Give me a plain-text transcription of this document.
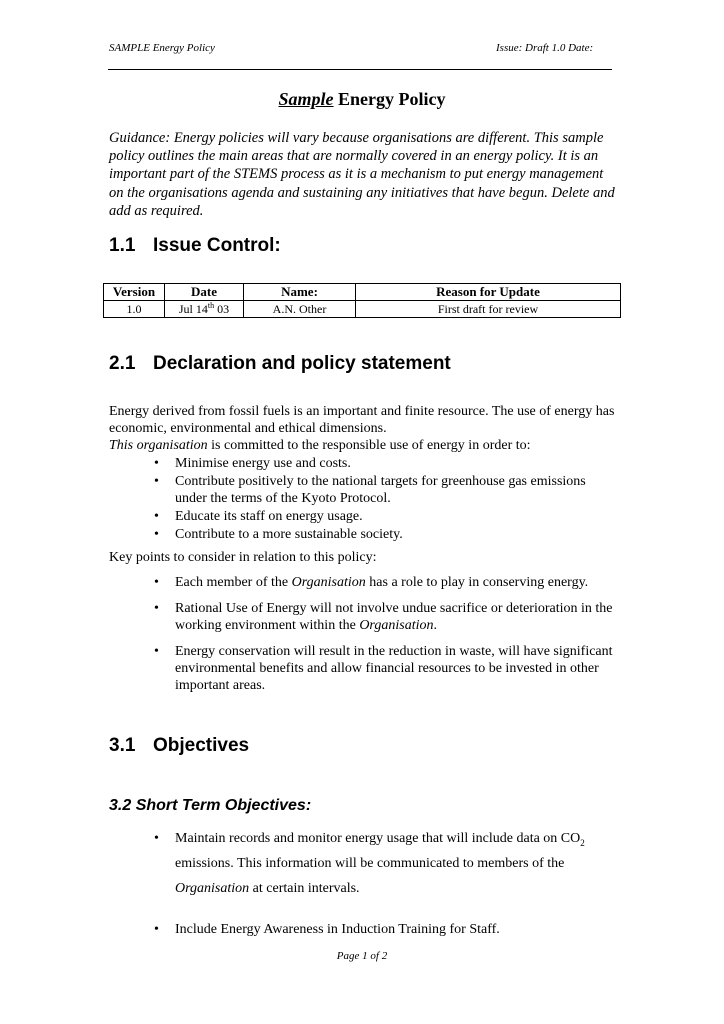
SAMPLE Energy Policy	Issue: Draft 1.0 Date:
Sample Energy Policy
Guidance: Energy policies will vary because organisations are different. This sample policy outlines the main areas that are normally covered in an energy policy. It is an important part of the STEMS process as it is a mechanism to put energy management on the organisations agenda and sustaining any initiatives that have begun. Delete and add as required.
1.1 Issue Control:
Version	Date	Name:	Reason for Update
1.0	Jul 14th 03	A.N. Other	First draft for review
2.1 Declaration and policy statement
Energy derived from fossil fuels is an important and finite resource. The use of energy has economic, environmental and ethical dimensions.
This organisation is committed to the responsible use of energy in order to:
• Minimise energy use and costs.
• Contribute positively to the national targets for greenhouse gas emissions under the terms of the Kyoto Protocol.
• Educate its staff on energy usage.
• Contribute to a more sustainable society.
Key points to consider in relation to this policy:
• Each member of the Organisation has a role to play in conserving energy.
• Rational Use of Energy will not involve undue sacrifice or deterioration in the working environment within the Organisation.
• Energy conservation will result in the reduction in waste, will have significant environmental benefits and allow financial resources to be invested in other important areas.
3.1 Objectives
3.2 Short Term Objectives:
• Maintain records and monitor energy usage that will include data on $CO_2$ emissions. This information will be communicated to members of the Organisation at certain intervals.
• Include Energy Awareness in Induction Training for Staff.
Page 1 of 2
